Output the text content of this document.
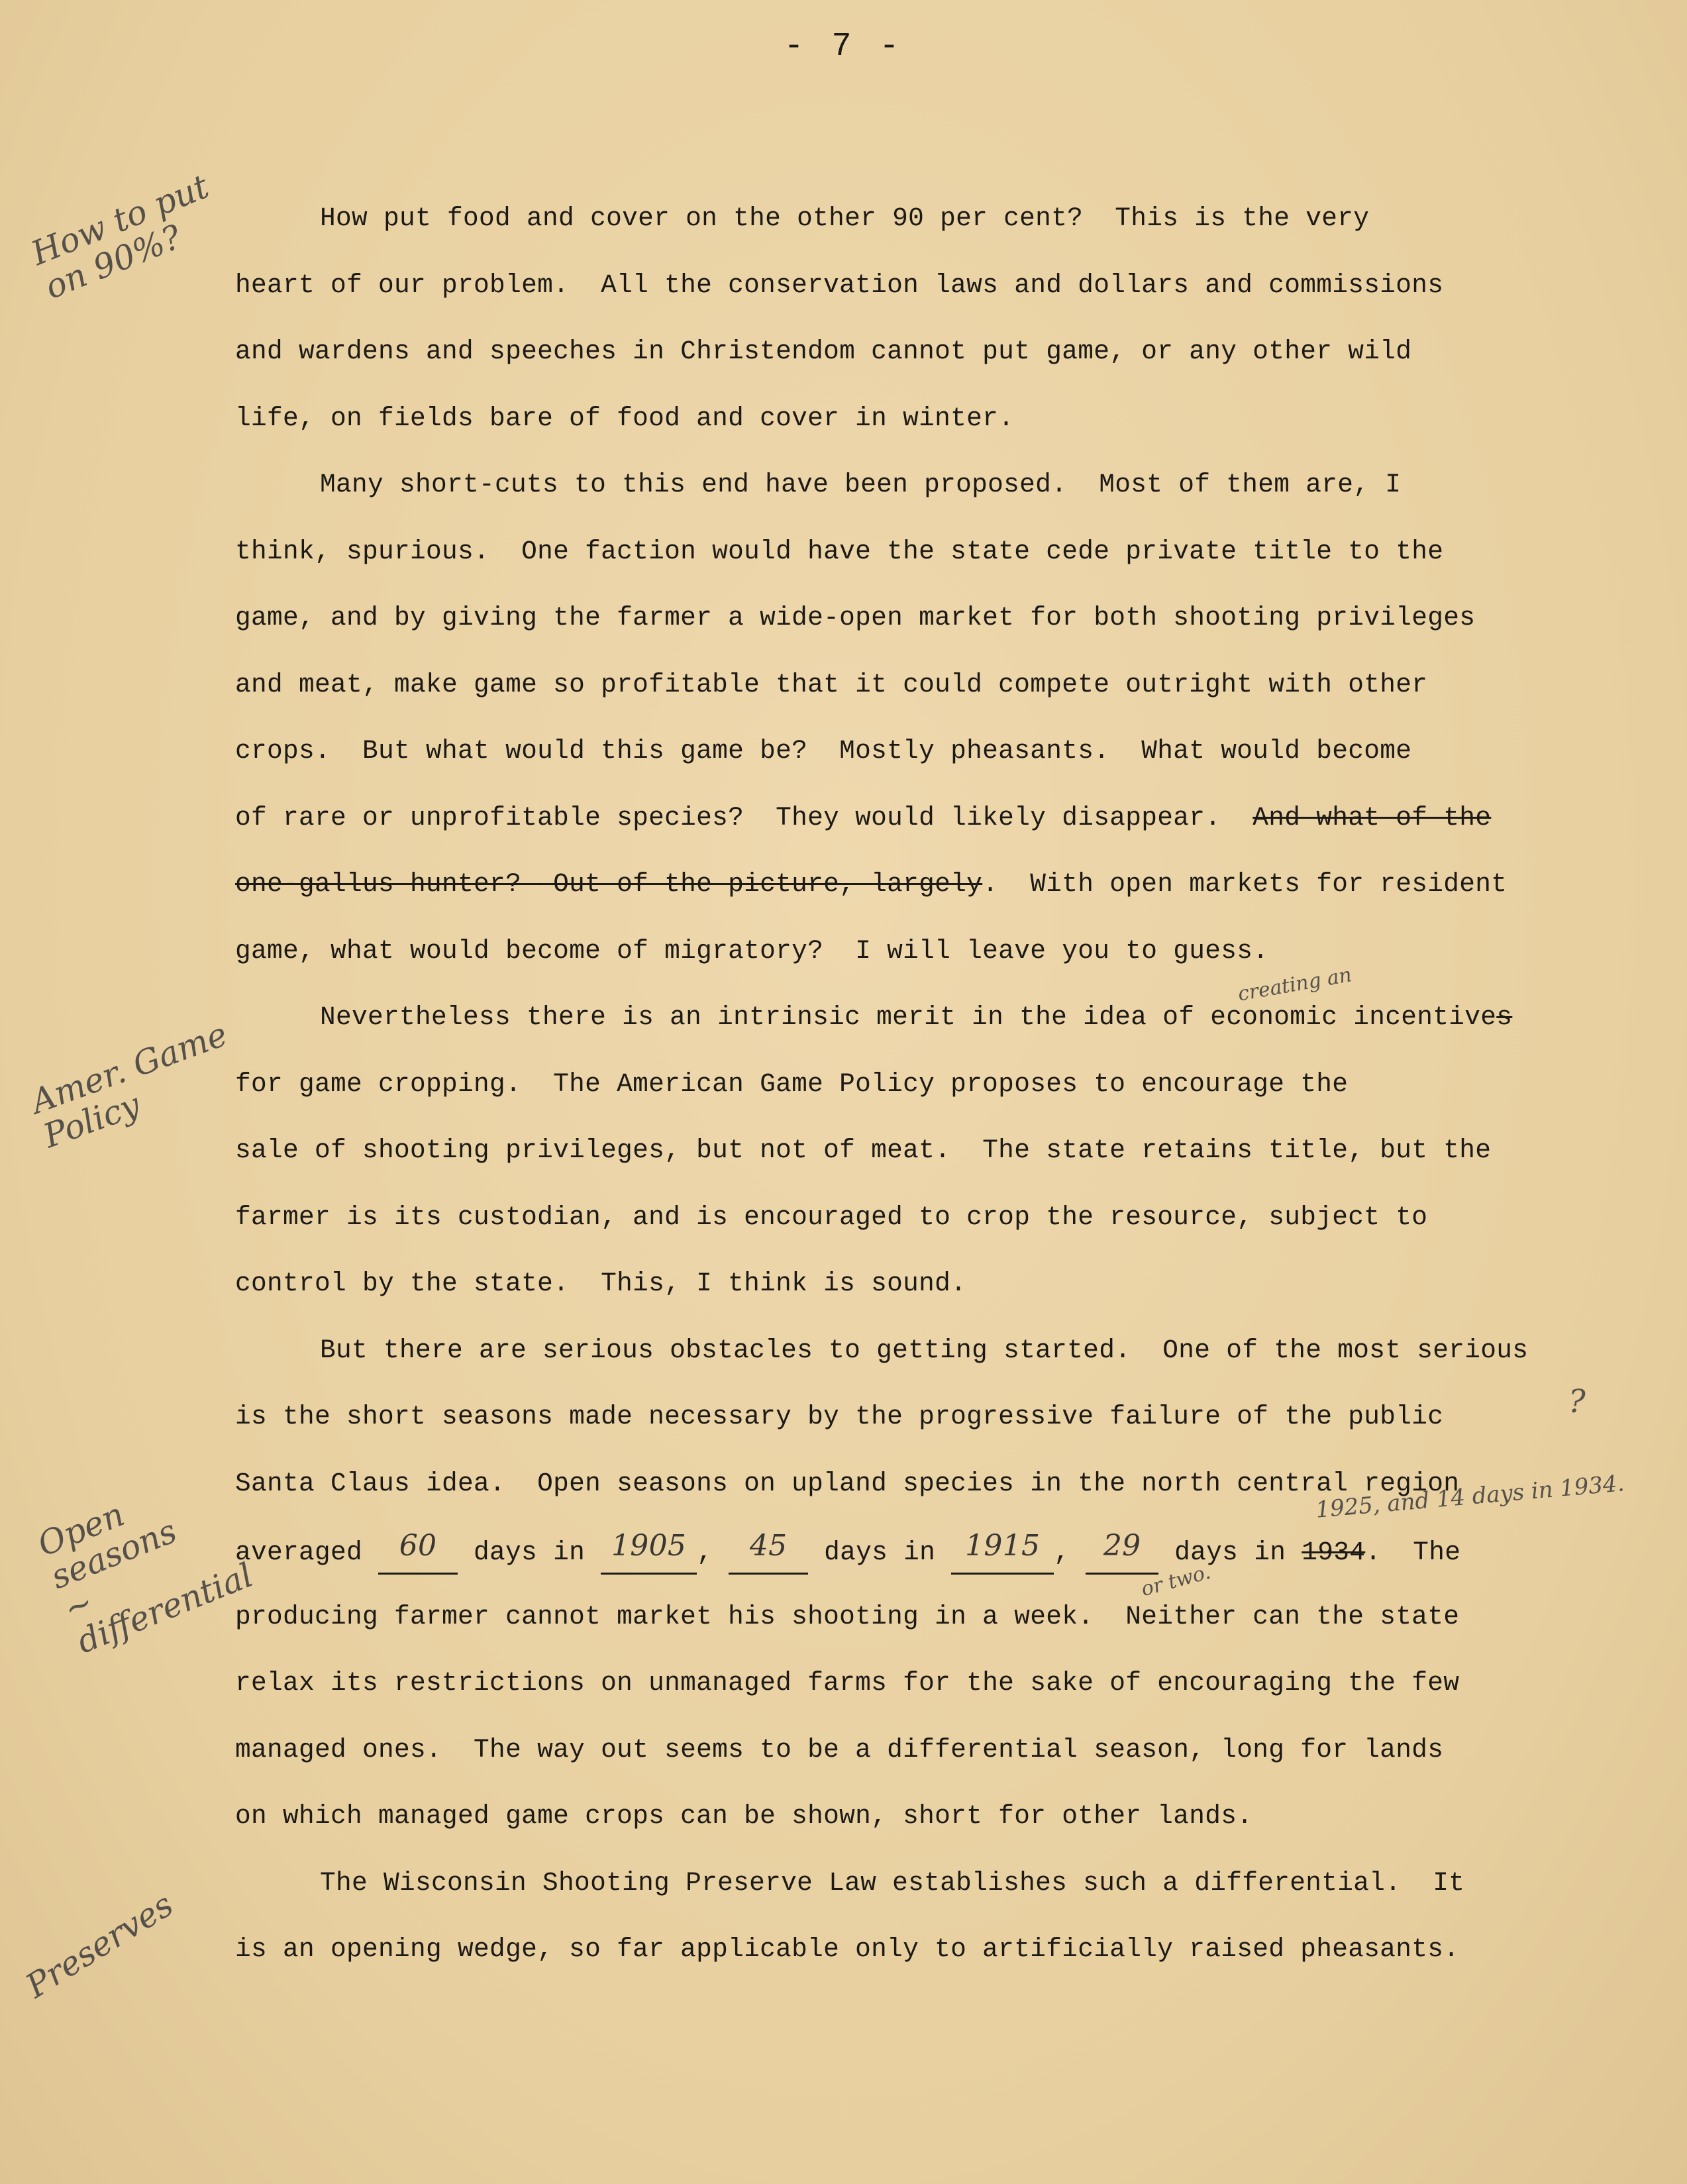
- 7 -
How to put
on 90%?
Amer. Game
Policy
Open
seasons
~
differential
Preserves
creating an
?
1925, and 14 days in 1934.
or two.
How put food and cover on the other 90 per cent?  This is the very
heart of our problem.  All the conservation laws and dollars and commissions
and wardens and speeches in Christendom cannot put game, or any other wild
life, on fields bare of food and cover in winter.
Many short-cuts to this end have been proposed.  Most of them are, I
think, spurious.  One faction would have the state cede private title to the
game, and by giving the farmer a wide-open market for both shooting privileges
and meat, make game so profitable that it could compete outright with other
crops.  But what would this game be?  Mostly pheasants.  What would become
of rare or unprofitable species?  They would likely disappear.  And what of the
one-gallus hunter?  Out of the picture, largely.  With open markets for resident
game, what would become of migratory?  I will leave you to guess.
Nevertheless there is an intrinsic merit in the idea of economic incentives
for game cropping.  The American Game Policy proposes to encourage the
sale of shooting privileges, but not of meat.  The state retains title, but the
farmer is its custodian, and is encouraged to crop the resource, subject to
control by the state.  This, I think is sound.
But there are serious obstacles to getting started.  One of the most serious
is the short seasons made necessary by the progressive failure of the public
Santa Claus idea.  Open seasons on upland species in the north central region
averaged 60 days in 1905 , 45 days in 1915 , 29 days in 1934.  The
producing farmer cannot market his shooting in a week.  Neither can the state
relax its restrictions on unmanaged farms for the sake of encouraging the few
managed ones.  The way out seems to be a differential season, long for lands
on which managed game crops can be shown, short for other lands.
The Wisconsin Shooting Preserve Law establishes such a differential.  It
is an opening wedge, so far applicable only to artificially raised pheasants.
